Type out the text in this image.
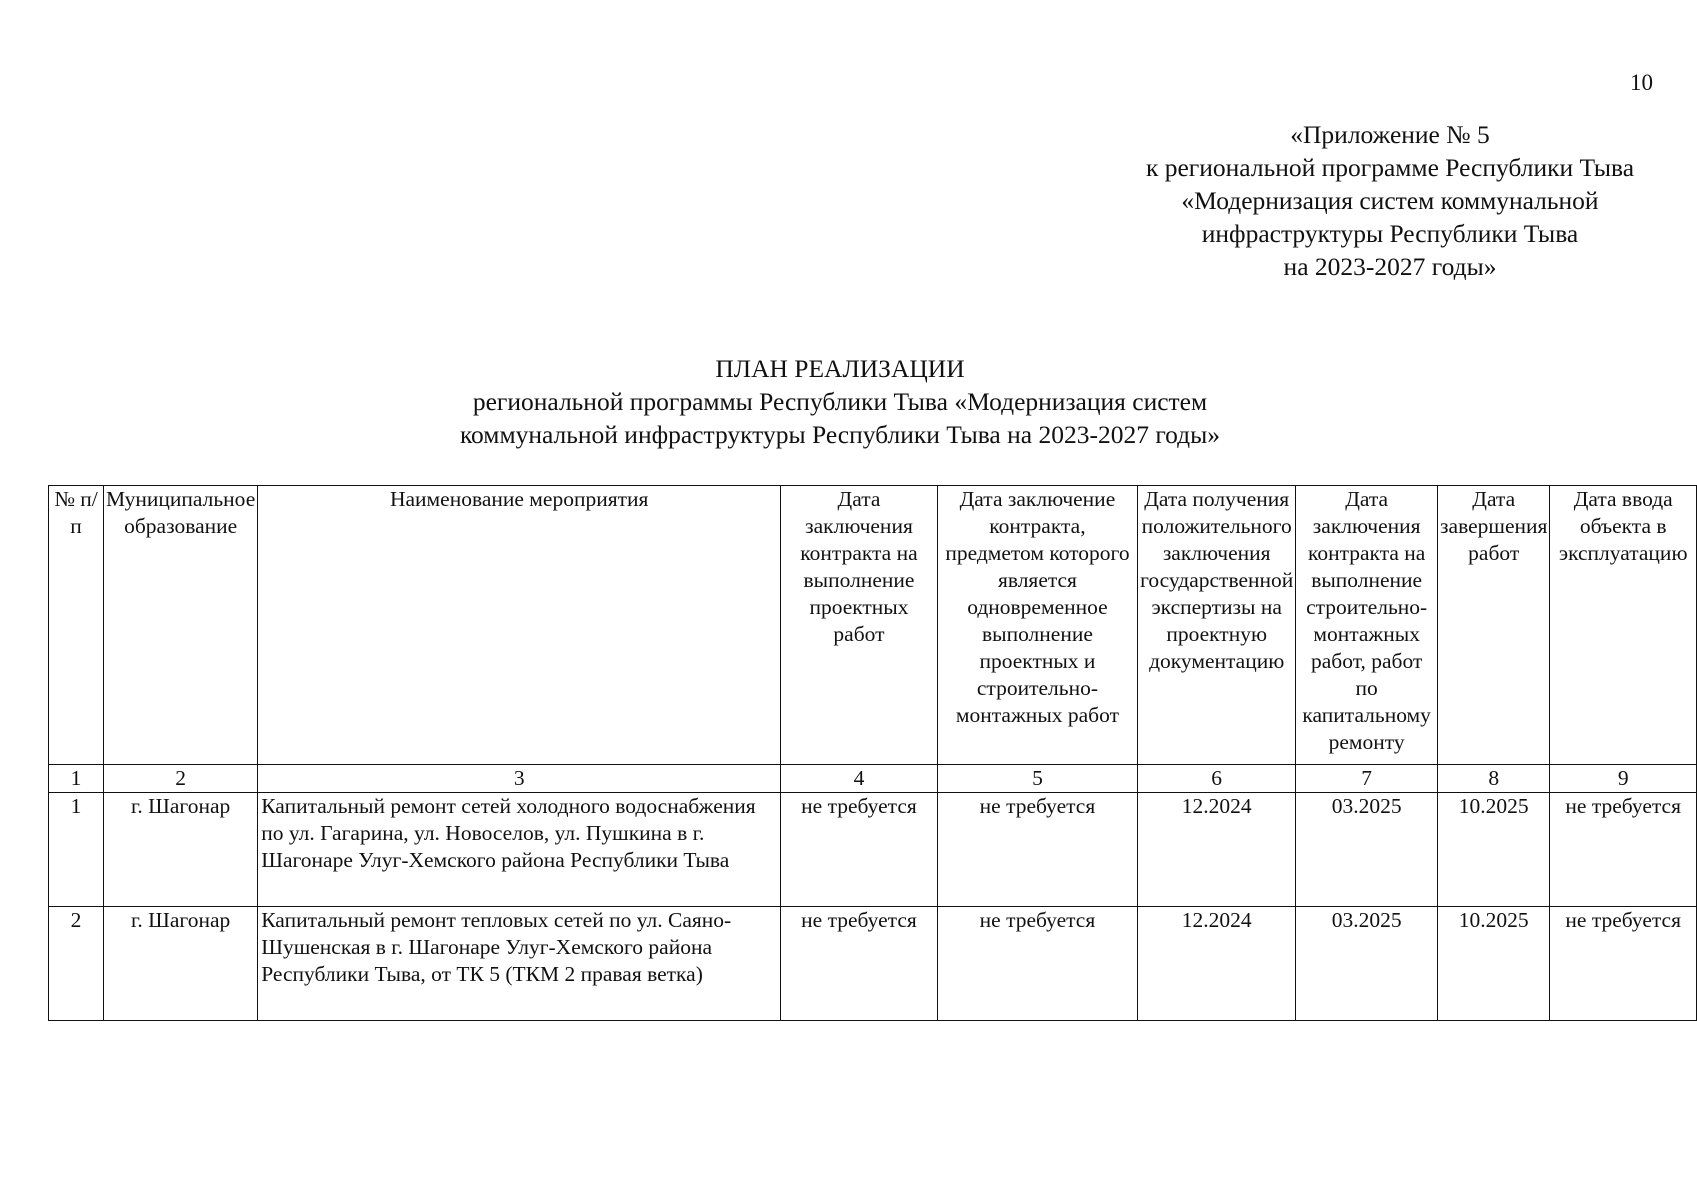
10
«Приложение № 5
к региональной программе Республики Тыва
«Модернизация систем коммунальной
инфраструктуры Республики Тыва
на 2023-2027 годы»
ПЛАН РЕАЛИЗАЦИИ
региональной программы Республики Тыва «Модернизация систем
коммунальной инфраструктуры Республики Тыва на 2023-2027 годы»
№ п/п	Муниципальное образование	Наименование мероприятия	Дата заключения контракта на выполнение проектных работ	Дата заключение контракта, предметом которого является одновременное выполнение проектных и строительно-монтажных работ	Дата получения положительного заключения государственной экспертизы на проектную документацию	Дата заключения контракта на выполнение строительно-монтажных работ, работ по капитальному ремонту	Дата завершения работ	Дата ввода объекта в эксплуатацию
1	2	3	4	5	6	7	8	9
1	г. Шагонар	Капитальный ремонт сетей холодного водоснабжения по ул. Гагарина, ул. Новоселов, ул. Пушкина в г. Шагонаре Улуг-Хемского района Республики Тыва	не требуется	не требуется	12.2024	03.2025	10.2025	не требуется
2	г. Шагонар	Капитальный ремонт тепловых сетей по ул. Саяно-Шушенская в г. Шагонаре Улуг-Хемского района Республики Тыва, от ТК 5 (ТКМ 2 правая ветка)	не требуется	не требуется	12.2024	03.2025	10.2025	не требуется
